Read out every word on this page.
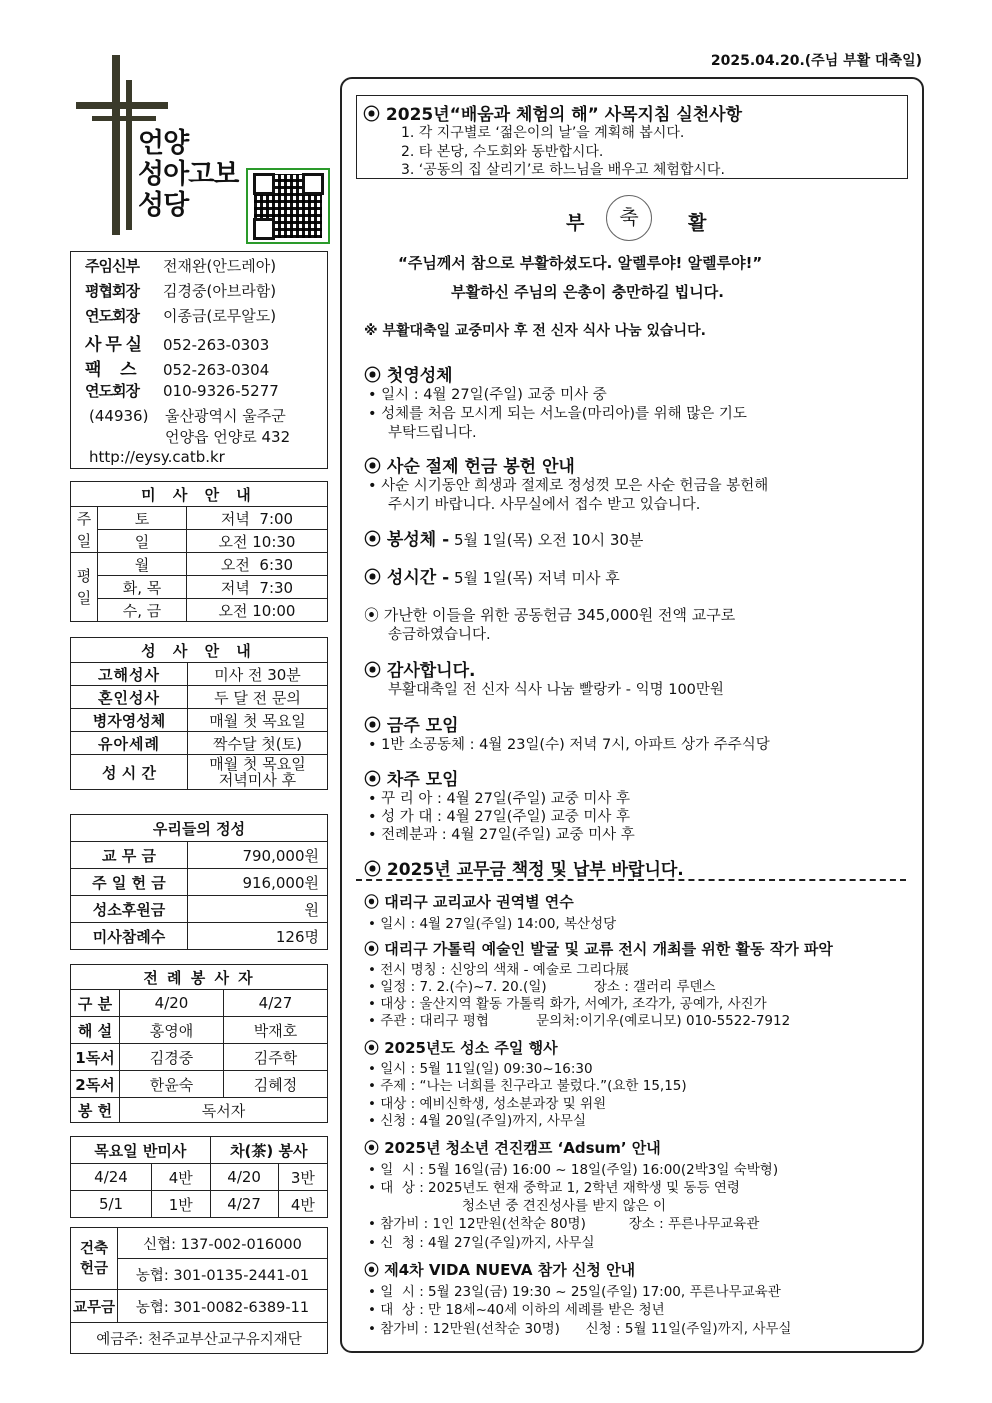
2025.04.20.(주님 부활 대축일)
언양
성아고보
성당
주임신부 전재완(안드레아)
평협회장 김경중(아브라함)
연도회장 이종금(로무알도)
사 무 실 052-263-0303
팩    스 052-263-0304
연도회장 010-9326-5277
(44936) 울산광역시 울주군
언양읍 언양로 432
http://eysy.catb.kr
미 사 안 내		

주
일	토	저녁  7:00
	일	오전 10:30

평
일	월	오전  6:30
	화, 목	저녁  7:30
	수, 금	오전 10:00
성 사 안 내	
고해성사	미사 전 30분
혼인성사	두 달 전 문의
병자영성체	매월 첫 목요일
유아세례	짝수달 첫(토)
성 시 간	매월 첫 목요일
저녁미사 후
우리들의 정성	
교 무 금	790,000원
주 일 헌 금	916,000원
성소후원금	원
미사참례수	126명
전 례 봉 사 자		
구 분	4/20	4/27
해 설	홍영애	박재호
1독서	김경중	김주학
2독서	한윤숙	김혜정
봉 헌	독서자	
목요일 반미사		차(茶) 봉사	
4/24	4반	4/20	3반
5/1	1반	4/27	4반
건축
헌금	신협: 137-002-016000
	농협: 301-0135-2441-01
교무금	농협: 301-0082-6389-11
예금주: 천주교부산교구유지재단	
⦿ 2025년“배움과 체험의 해” 사목지침 실천사항
1. 각 지구별로 ‘젊은이의 날’을 계획해 봅시다.
2. 타 본당, 수도회와 동반합시다.
3. ‘공동의 집 살리기’로 하느님을 배우고 체험합시다.
부	축	활
“주님께서 참으로 부활하셨도다. 알렐루야! 알렐루야!”
부활하신 주님의 은총이 충만하길 빕니다.
※ 부활대축일 교중미사 후 전 신자 식사 나눔 있습니다.
⦿ 첫영성체
• 일시 : 4월 27일(주일) 교중 미사 중
• 성체를 처음 모시게 되는 서노을(마리아)를 위해 많은 기도
부탁드립니다.
⦿ 사순 절제 헌금 봉헌 안내
• 사순 시기동안 희생과 절제로 정성껏 모은 사순 헌금을 봉헌해
주시기 바랍니다. 사무실에서 접수 받고 있습니다.
⦿ 봉성체 - 5월 1일(목) 오전 10시 30분
⦿ 성시간 - 5월 1일(목) 저녁 미사 후
⦿ 가난한 이들을 위한 공동헌금 345,000원 전액 교구로
송금하였습니다.
⦿ 감사합니다.
부활대축일 전 신자 식사 나눔 빨랑카 - 익명 100만원
⦿ 금주 모임
• 1반 소공동체 : 4월 23일(수) 저녁 7시, 아파트 상가 주주식당
⦿ 차주 모임
• 꾸 리 아 : 4월 27일(주일) 교중 미사 후
• 성 가 대 : 4월 27일(주일) 교중 미사 후
• 전례분과 : 4월 27일(주일) 교중 미사 후
⦿ 2025년 교무금 책정 및 납부 바랍니다.
⦿ 대리구 교리교사 권역별 연수
• 일시 : 4월 27일(주일) 14:00, 복산성당
⦿ 대리구 가톨릭 예술인 발굴 및 교류 전시 개최를 위한 활동 작가 파악
• 전시 명칭 : 신앙의 색채 - 예술로 그리다展
• 일정 : 7. 2.(수)~7. 20.(일)           장소 : 갤러리 루덴스
• 대상 : 울산지역 활동 가톨릭 화가, 서예가, 조각가, 공예가, 사진가
• 주관 : 대리구 평협           문의처:이기우(예로니모) 010-5522-7912
⦿ 2025년도 성소 주일 행사
• 일시 : 5월 11일(일) 09:30~16:30
• 주제 : “나는 너희를 친구라고 불렀다.”(요한 15,15)
• 대상 : 예비신학생, 성소분과장 및 위원
• 신청 : 4월 20일(주일)까지, 사무실
⦿ 2025년 청소년 견진캠프 ‘Adsum’ 안내
• 일  시 : 5월 16일(금) 16:00 ~ 18일(주일) 16:00(2박3일 숙박형)
• 대  상 : 2025년도 현재 중학교 1, 2학년 재학생 및 동등 연령
청소년 중 견진성사를 받지 않은 이
• 참가비 : 1인 12만원(선착순 80명)          장소 : 푸른나무교육관
• 신  청 : 4월 27일(주일)까지, 사무실
⦿ 제4차 VIDA NUEVA 참가 신청 안내
• 일  시 : 5월 23일(금) 19:30 ~ 25일(주일) 17:00, 푸른나무교육관
• 대  상 : 만 18세~40세 이하의 세례를 받은 청년
• 참가비 : 12만원(선착순 30명)      신청 : 5월 11일(주일)까지, 사무실
